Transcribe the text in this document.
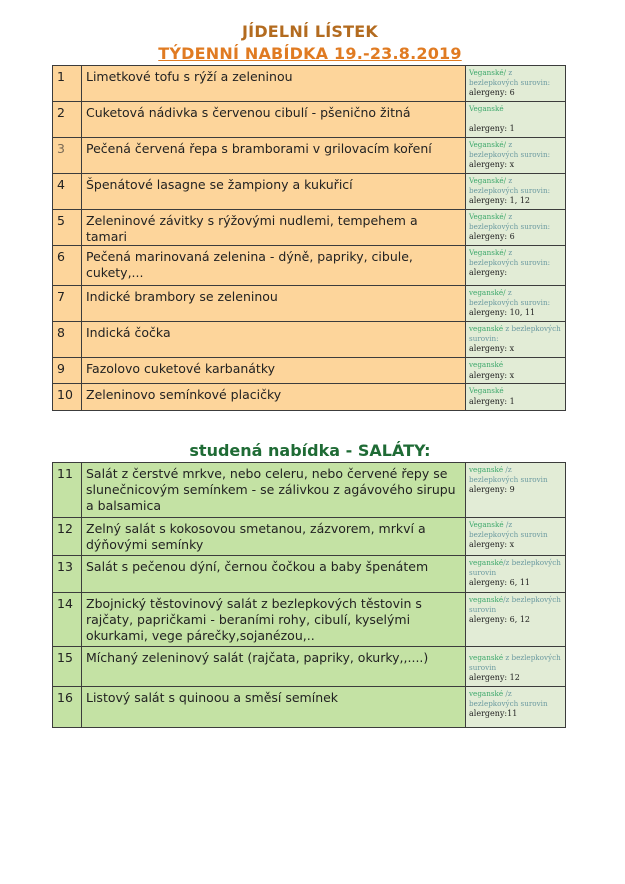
JÍDELNÍ LÍSTEK
TÝDENNÍ NABÍDKA 19.-23.8.2019
1	Limetkové tofu s rýží a zeleninou	Veganské/ z bezlepkových surovin:
alergeny: 6

2	Cuketová nádivka s červenou cibulí - pšenično žitná	Veganské
alergeny: 1

3	Pečená červená řepa s bramborami v grilovacím koření	Veganské/ z bezlepkových surovin:
alergeny: x

4	Špenátové lasagne se žampiony a kukuřicí	Veganské/ z bezlepkových surovin:
alergeny: 1, 12

5	Zeleninové závitky s rýžovými nudlemi, tempehem a tamari	Veganské/ z bezlepkových surovin:
alergeny: 6

6	Pečená marinovaná zelenina - dýně, papriky, cibule, cukety,...	Veganské/ z bezlepkových surovin:
alergeny:

7	Indické brambory se zeleninou	veganské/ z bezlepkových surovin:
alergeny: 10, 11

8	Indická čočka	veganské z bezlepkových surovin:
alergeny: x

9	Fazolovo cuketové karbanátky	veganské
alergeny: x

10	Zeleninovo semínkové placičky	Veganské
alergeny: 1
studená nabídka - SALÁTY:
11	Salát z čerstvé mrkve, nebo celeru, nebo červené řepy se slunečnicovým semínkem - se zálivkou z agávového sirupu a balsamica	veganské /z bezlepkových surovin
alergeny: 9

12	Zelný salát s kokosovou smetanou, zázvorem, mrkví a dýňovými semínky	Veganské /z bezlepkových surovin
alergeny: x

13	Salát s pečenou dýní, černou čočkou a baby špenátem	veganské/z bezlepkových surovin
alergeny: 6, 11

14	Zbojnický těstovinový salát z bezlepkových těstovin s rajčaty, papričkami - beraními rohy, cibulí, kyselými okurkami, vege párečky,sojanézou,..	veganské/z bezlepkových surovin
alergeny: 6, 12

15	Míchaný zeleninový salát (rajčata, papriky, okurky,,....)	veganské z bezlepkových surovin
alergeny: 12

16	Listový salát s quinoou a směsí semínek	veganské /z bezlepkových surovin
alergeny:11
